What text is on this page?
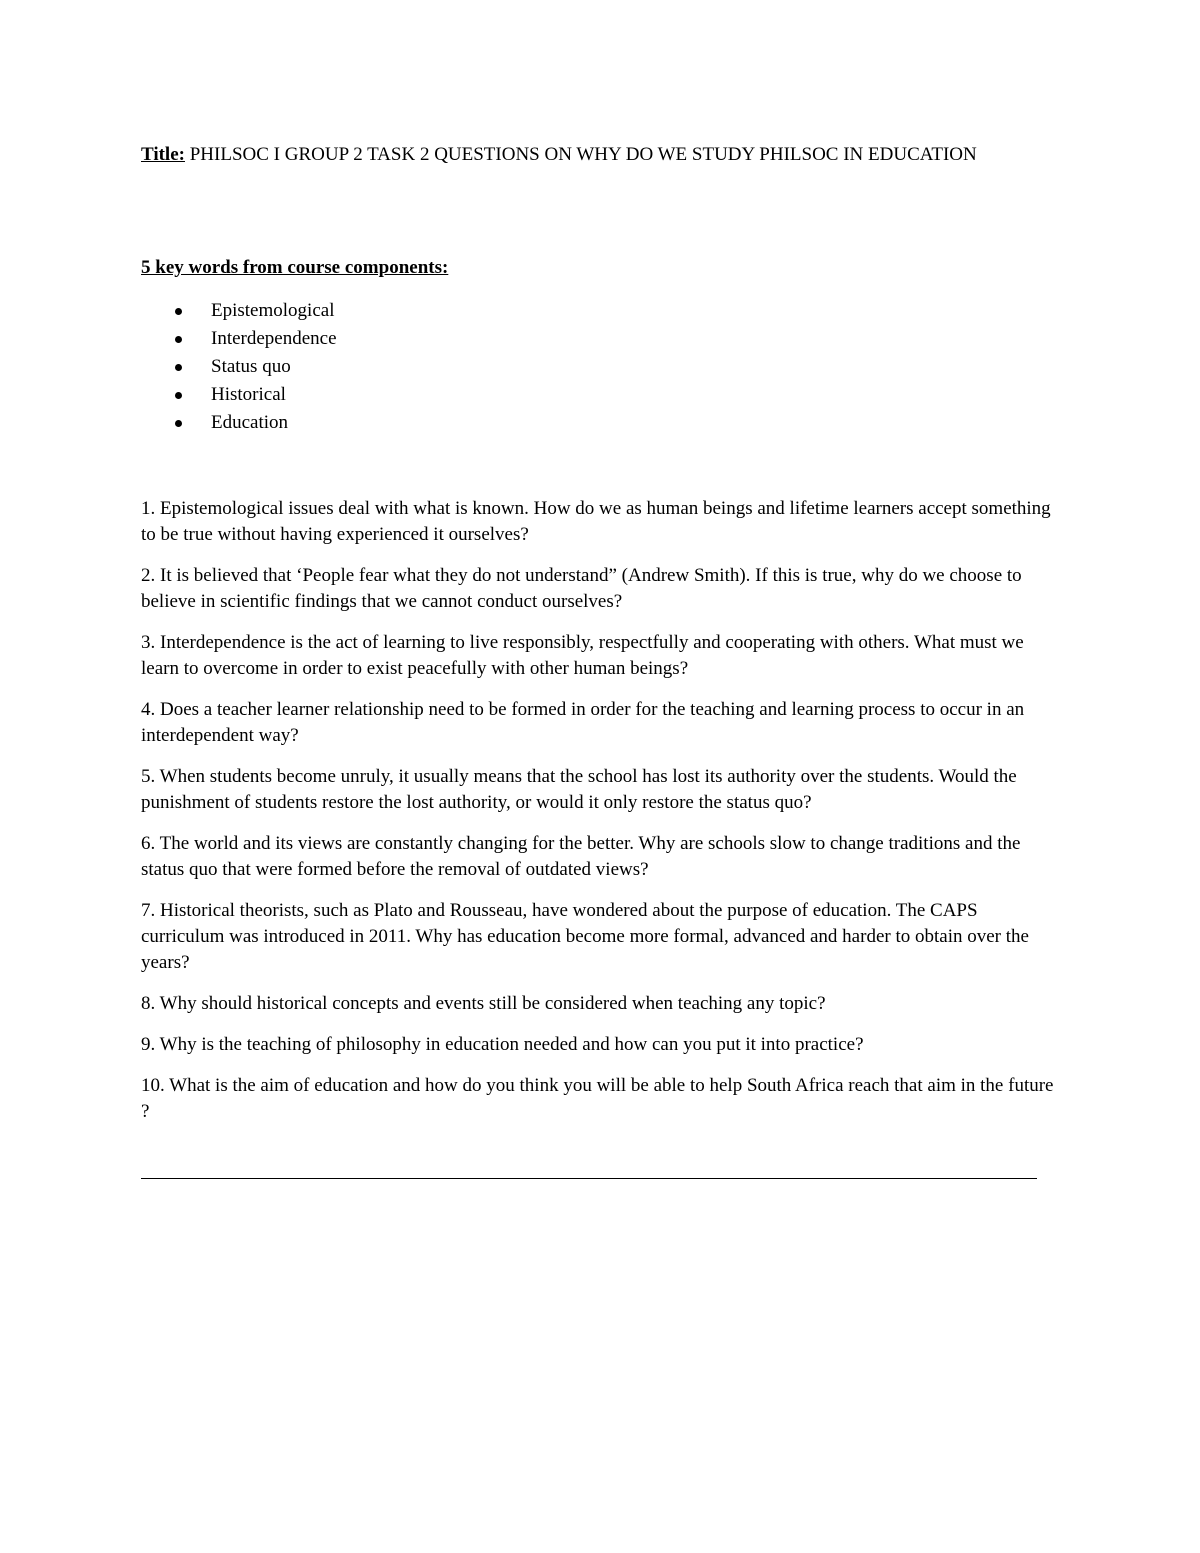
Title: PHILSOC I GROUP 2 TASK 2 QUESTIONS ON WHY DO WE STUDY PHILSOC IN EDUCATION

5 key words from course components:

Epistemological
Interdependence
Status quo
Historical
Education

1. Epistemological issues deal with what is known. How do we as human beings and lifetime learners accept something to be true without having experienced it ourselves?

2. It is believed that ‘People fear what they do not understand” (Andrew Smith). If this is true, why do we choose to believe in scientific findings that we cannot conduct ourselves?

3. Interdependence is the act of learning to live responsibly, respectfully and cooperating with others. What must we learn to overcome in order to exist peacefully with other human beings?

4. Does a teacher learner relationship need to be formed in order for the teaching and learning process to occur in an interdependent way?

5. When students become unruly, it usually means that the school has lost its authority over the students. Would the punishment of students restore the lost authority, or would it only restore the status quo?

6. The world and its views are constantly changing for the better. Why are schools slow to change traditions and the status quo that were formed before the removal of outdated views?

7. Historical theorists, such as Plato and Rousseau, have wondered about the purpose of education. The CAPS curriculum was introduced in 2011. Why has education become more formal, advanced and harder to obtain over the years?

8. Why should historical concepts and events still be considered when teaching any topic?

9. Why is the teaching of philosophy in education needed and how can you put it into practice?

10. What is the aim of education and how do you think you will be able to help South Africa reach that aim in the future ?
